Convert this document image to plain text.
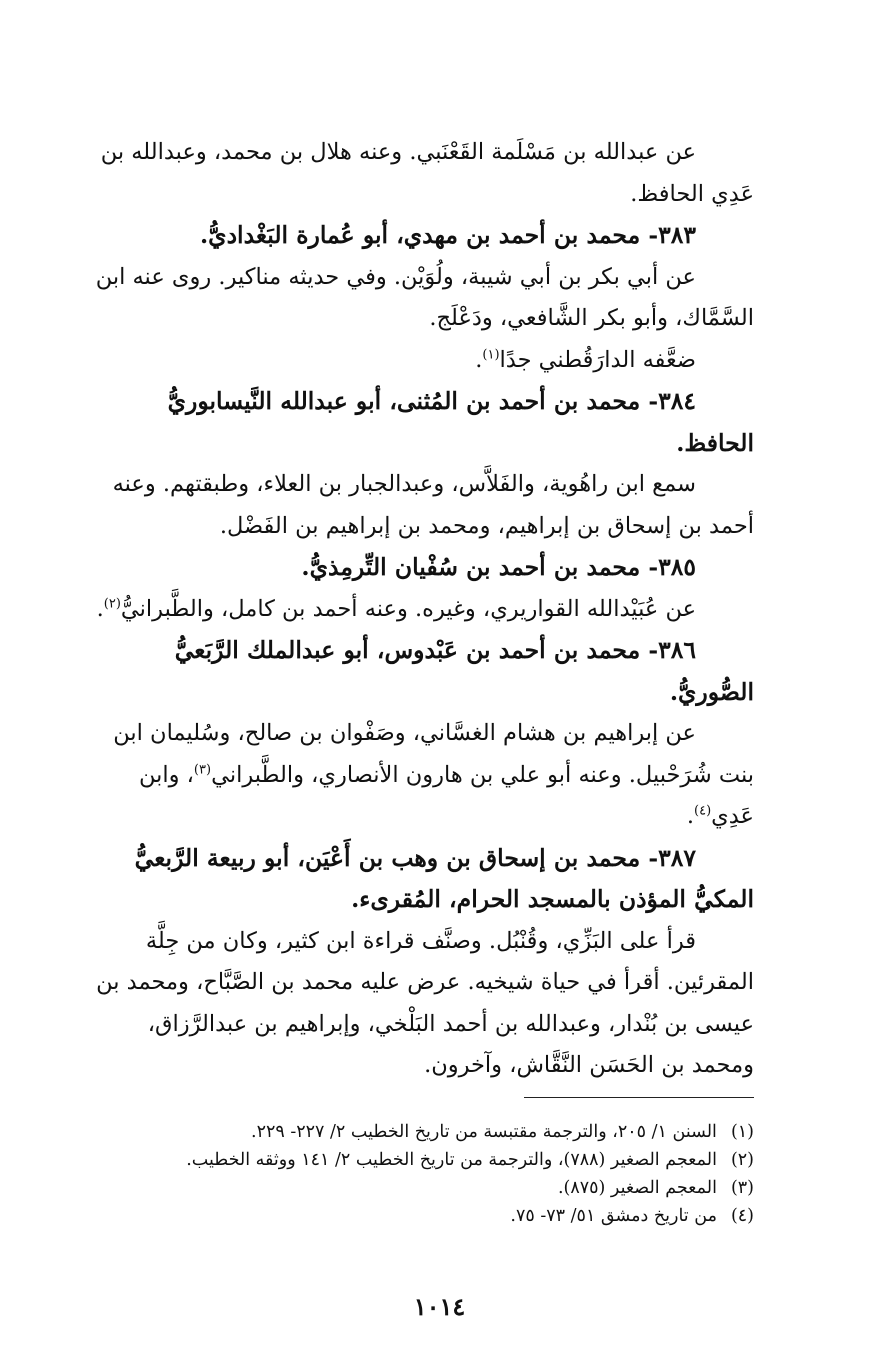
عن عبدالله بن مَسْلَمة القَعْنَبي. وعنه هلال بن محمد، وعبدالله بن

عَدِي الحافظ.

٣٨٣- محمد بن أحمد بن مهدي، أبو عُمارة البَغْداديُّ.

عن أبي بكر بن أبي شيبة، ولُوَيْن. وفي حديثه مناكير. روى عنه ابن

السَّمَّاك، وأبو بكر الشَّافعي، ودَعْلَج.

ضعَّفه الدارَقُطني جدًا$^{(١)}$.

٣٨٤- محمد بن أحمد بن المُثنى، أبو عبدالله النَّيسابوريُّ

الحافظ.

سمع ابن راهُوية، والفَلاَّس، وعبدالجبار بن العلاء، وطبقتهم. وعنه

أحمد بن إسحاق بن إبراهيم، ومحمد بن إبراهيم بن الفَضْل.

٣٨٥- محمد بن أحمد بن سُفْيان التِّرمِذيُّ.

عن عُبَيْدالله القواريري، وغيره. وعنه أحمد بن كامل، والطَّبرانيُّ$^{(٢)}$.

٣٨٦- محمد بن أحمد بن عَبْدوس، أبو عبدالملك الرَّبَعيُّ

الصُّوريُّ.

عن إبراهيم بن هشام الغسَّاني، وصَفْوان بن صالح، وسُليمان ابن

بنت شُرَحْبيل. وعنه أبو علي بن هارون الأنصاري، والطَّبراني$^{(٣)}$، وابن

عَدِي$^{(٤)}$.

٣٨٧- محمد بن إسحاق بن وهب بن أَعْيَن، أبو ربيعة الرَّبعيُّ

المكيُّ المؤذن بالمسجد الحرام، المُقرىء.

قرأ على البَزِّي، وقُنْبُل. وصنَّف قراءة ابن كثير، وكان من جِلَّة

المقرئين. أقرأ في حياة شيخيه. عرض عليه محمد بن الصَّبَّاح، ومحمد بن

عيسى بن بُنْدار، وعبدالله بن أحمد البَلْخي، وإبراهيم بن عبدالرَّزاق،

ومحمد بن الحَسَن النَّقَّاش، وآخرون.

(١)
السنن ١/ ٢٠٥، والترجمة مقتبسة من تاريخ الخطيب ٢/ ٢٢٧- ٢٢٩.
(٢)
المعجم الصغير (٧٨٨)، والترجمة من تاريخ الخطيب ٢/ ١٤١ ووثقه الخطيب.
(٣)
المعجم الصغير (٨٧٥).
(٤)
من تاريخ دمشق ٥١/ ٧٣- ٧٥.
١٠١٤
